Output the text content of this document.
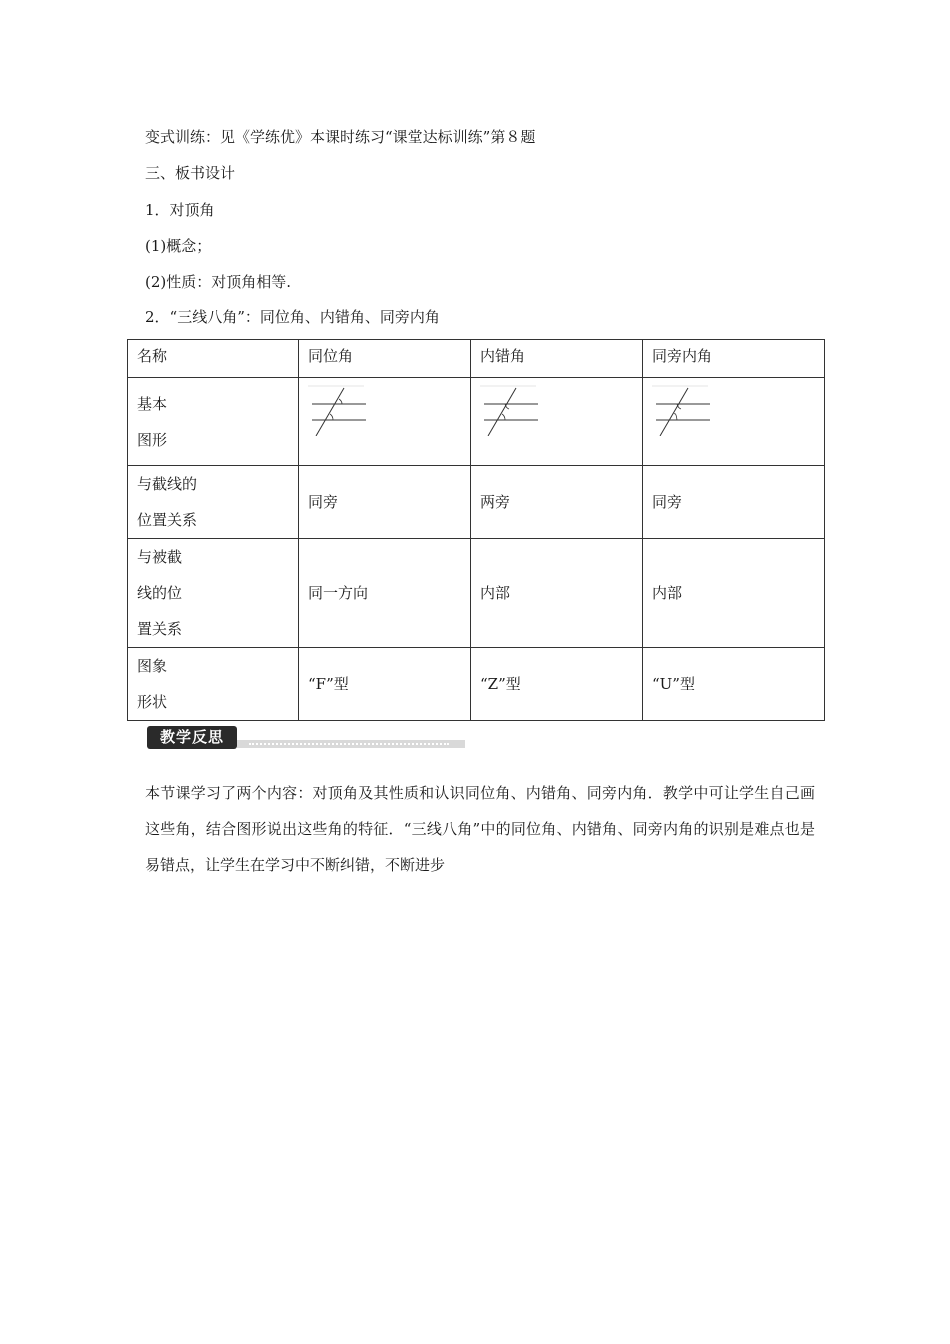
变式训练：见《学练优》本课时练习“课堂达标训练”第８题
三、板书设计
1．对顶角
(1)概念；
(2)性质：对顶角相等.
2．“三线八角”：同位角、内错角、同旁内角
名称	同位角	内错角	同旁内角

基本
图形

与截线的
位置关系	同旁	两旁	同旁

与被截
线的位
置关系	同一方向	内部	内部

图象
形状	“F”型	“Z”型	“U”型
教学反思
本节课学习了两个内容：对顶角及其性质和认识同位角、内错角、同旁内角．教学中可让学生自己画这些角，结合图形说出这些角的特征．“三线八角”中的同位角、内错角、同旁内角的识别是难点也是易错点，让学生在学习中不断纠错，不断进步
